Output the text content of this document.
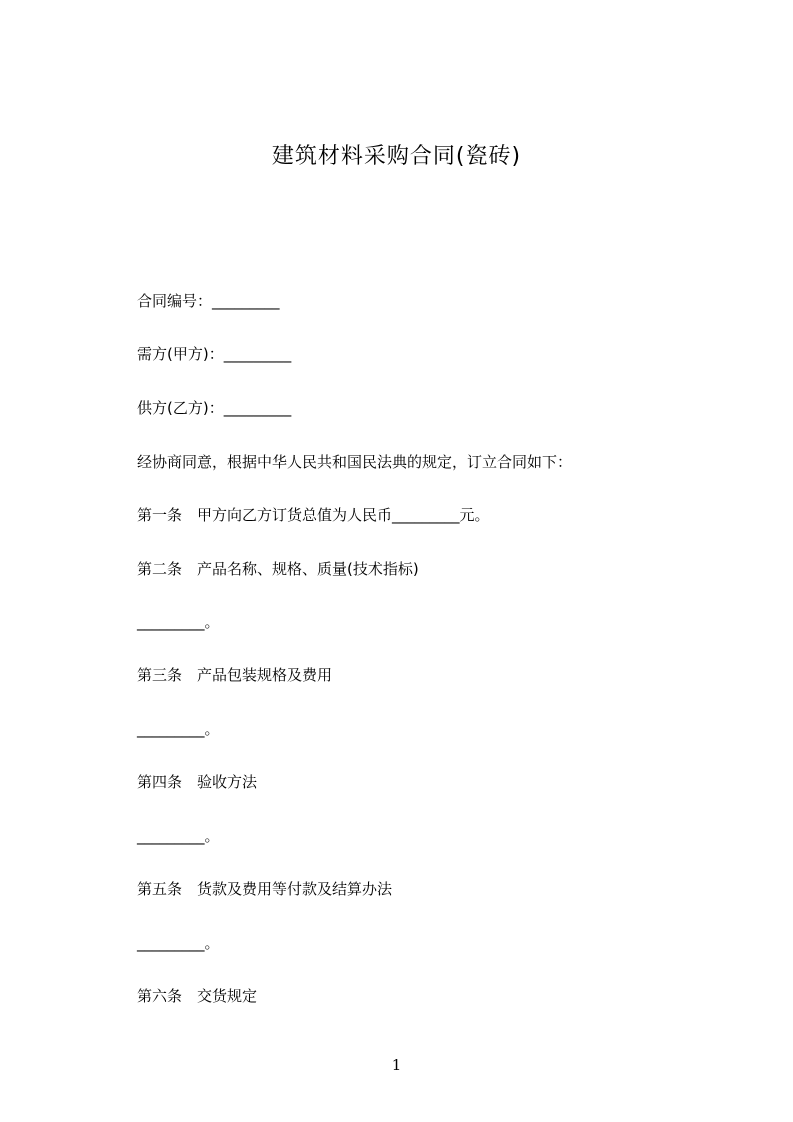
建筑材料采购合同(瓷砖)
合同编号：_________
需方(甲方)：_________
供方(乙方)：_________
经协商同意，根据中华人民共和国民法典的规定，订立合同如下：
第一条　甲方向乙方订货总值为人民币_________元。
第二条　产品名称、规格、质量(技术指标)
_________。
第三条　产品包装规格及费用
_________。
第四条　验收方法
_________。
第五条　货款及费用等付款及结算办法
_________。
第六条　交货规定
1
